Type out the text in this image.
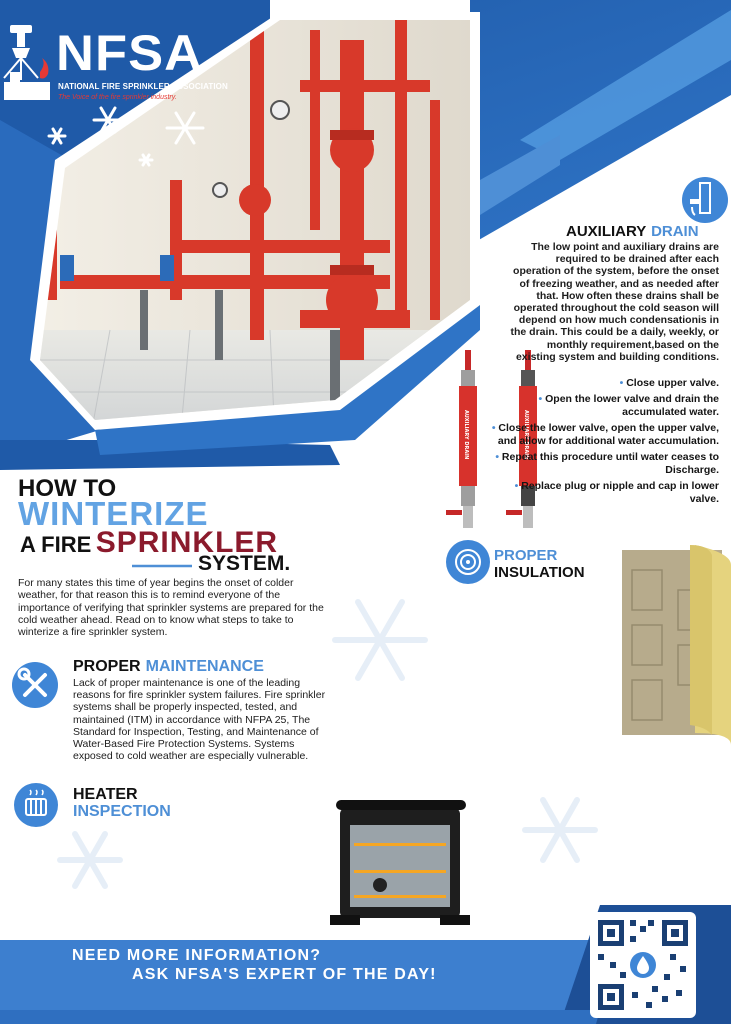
NFSA
NATIONAL FIRE SPRINKLER ASSOCIATION
The Voice of the fire sprinkler industry.
AUXILIARY DRAIN
The low point and auxiliary drains are required to be drained after each operation of the system, before the onset of freezing weather, and as needed after that. How often these drains shall be operated throughout the cold season will depend on how much condensationis in the drain. This could be a daily, weekly, or monthly requirement,based on the existing system and building conditions.
AUXILIARY DRAIN	AUXILIARY DRAIN
• Close upper valve.
• Open the lower valve and drain the accumulated water.
• Close the lower valve, open the upper valve, and allow for additional water accumulation.
• Repeat this procedure until water ceases to Discharge.
• Replace plug or nipple and cap in lower valve.
HOW TO
WINTERIZE
A FIRE SPRINKLER
SYSTEM.
For many states this time of year begins the onset of colder weather, for that reason this is to remind everyone of the importance of verifying that sprinkler systems are prepared for the cold weather ahead. Read on to know what steps to take to winterize a fire sprinkler system.
PROPER MAINTENANCE
Lack of proper maintenance is one of the leading reasons for fire sprinkler system failures. Fire sprinkler systems shall be properly inspected, tested, and maintained (ITM) in accordance with NFPA 25, The Standard for Inspection, Testing, and Maintenance of Water-Based Fire Protection Systems. Systems exposed to cold weather are especially vulnerable.
HEATER
INSPECTION
PROPER
INSULATION
NEED MORE INFORMATION?
ASK NFSA'S EXPERT OF THE DAY!
